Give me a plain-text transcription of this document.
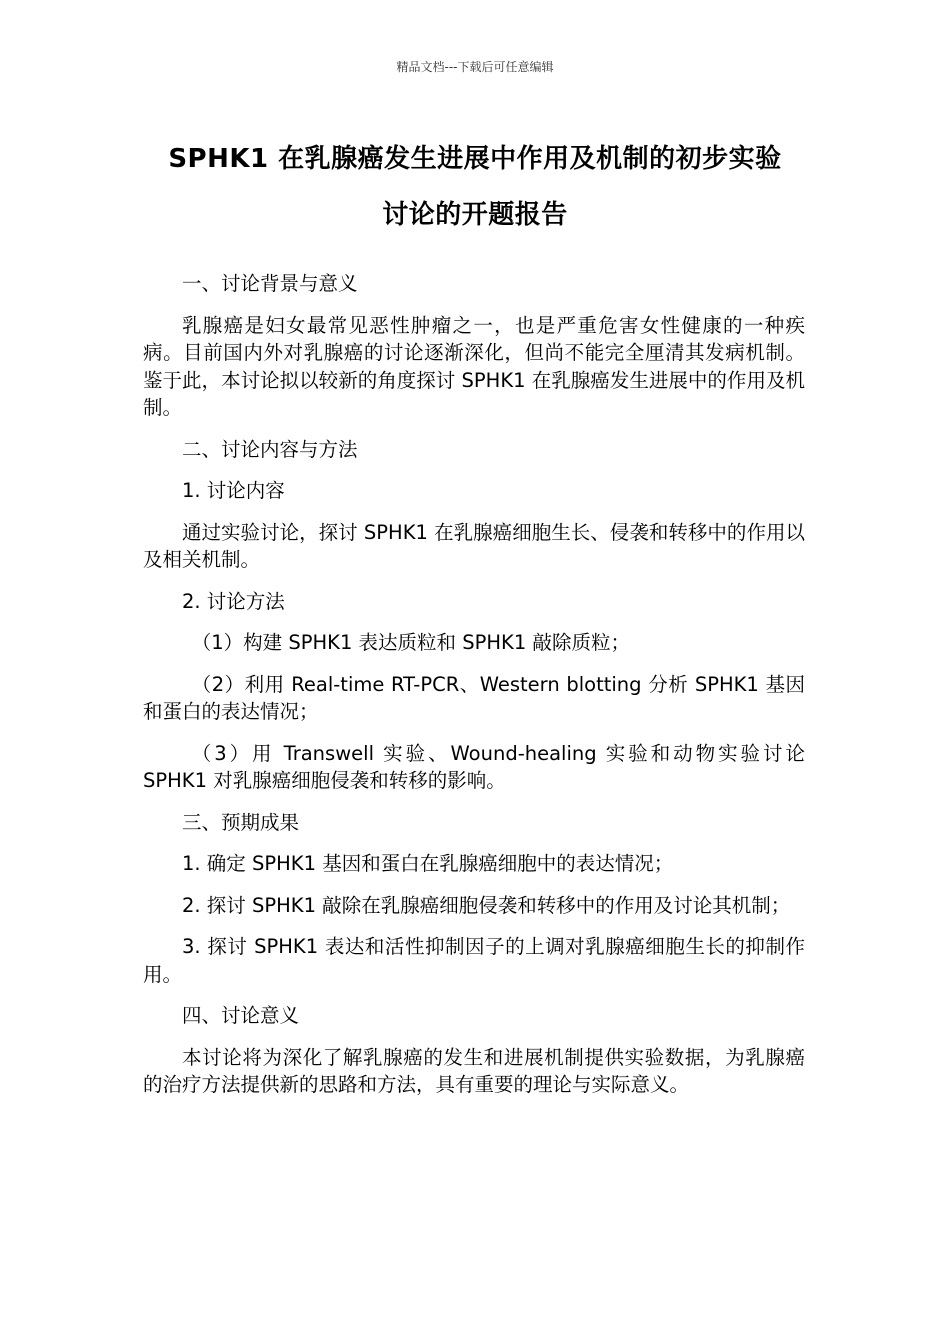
精品文档---下载后可任意编辑
SPHK1 在乳腺癌发生进展中作用及机制的初步实验
讨论的开题报告

一、讨论背景与意义

乳腺癌是妇女最常见恶性肿瘤之一，也是严重危害女性健康的一种疾病。目前国内外对乳腺癌的讨论逐渐深化，但尚不能完全厘清其发病机制。鉴于此，本讨论拟以较新的角度探讨 SPHK1 在乳腺癌发生进展中的作用及机制。

二、讨论内容与方法

1. 讨论内容

通过实验讨论，探讨 SPHK1 在乳腺癌细胞生长、侵袭和转移中的作用以及相关机制。

2. 讨论方法

（1）构建 SPHK1 表达质粒和 SPHK1 敲除质粒；

（2）利用 Real-time RT-PCR、Western blotting 分析 SPHK1 基因和蛋白的表达情况；

（3）用 Transwell 实验、Wound-healing 实验和动物实验讨论 SPHK1 对乳腺癌细胞侵袭和转移的影响。

三、预期成果

1. 确定 SPHK1 基因和蛋白在乳腺癌细胞中的表达情况；

2. 探讨 SPHK1 敲除在乳腺癌细胞侵袭和转移中的作用及讨论其机制；

3. 探讨 SPHK1 表达和活性抑制因子的上调对乳腺癌细胞生长的抑制作用。

四、讨论意义

本讨论将为深化了解乳腺癌的发生和进展机制提供实验数据，为乳腺癌的治疗方法提供新的思路和方法，具有重要的理论与实际意义。
